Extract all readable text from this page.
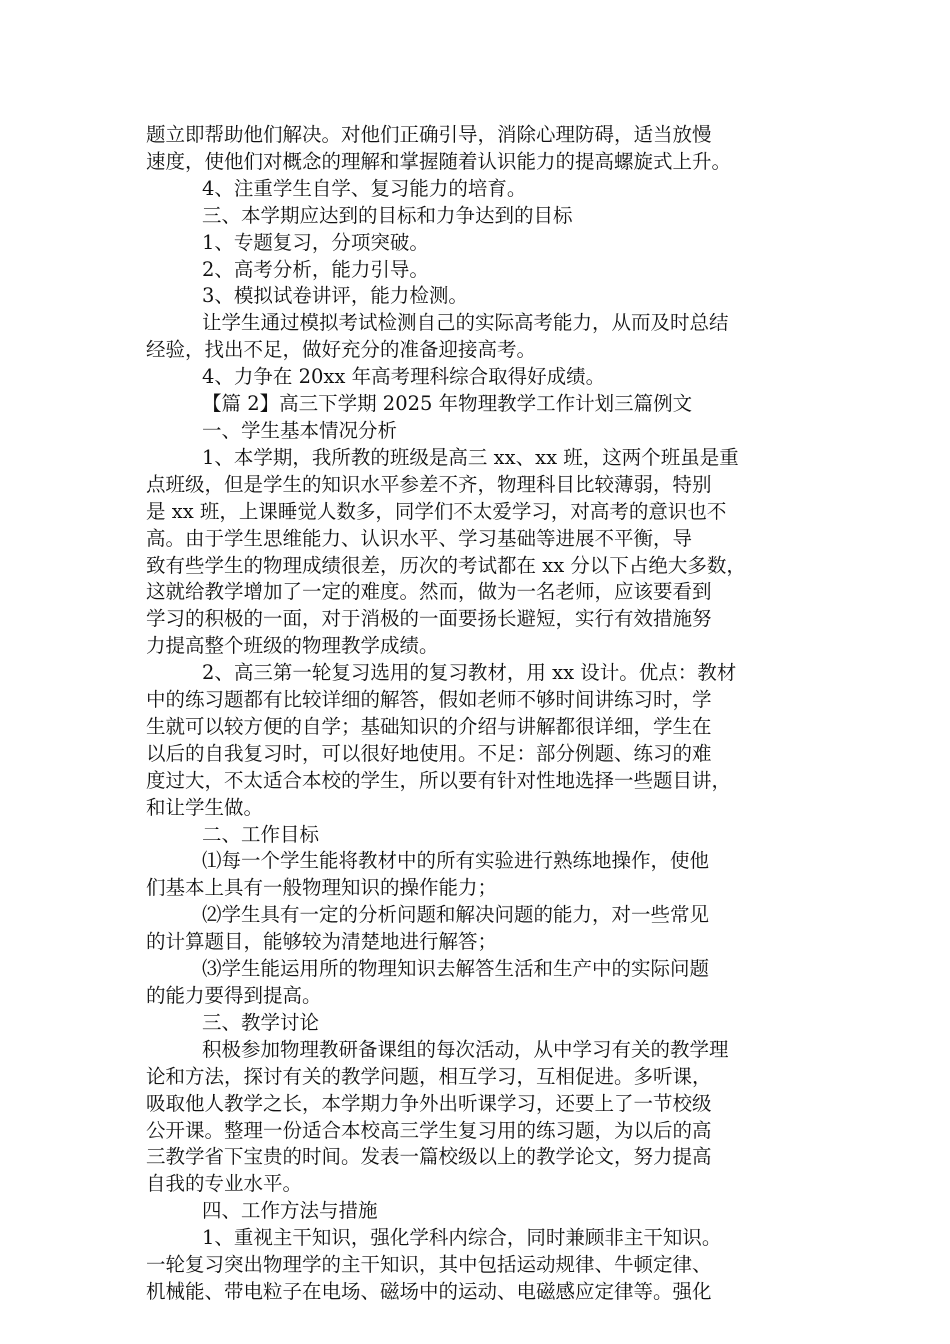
题立即帮助他们解决。对他们正确引导，消除心理防碍，适当放慢

速度，使他们对概念的理解和掌握随着认识能力的提高螺旋式上升。

4、注重学生自学、复习能力的培育。

三、本学期应达到的目标和力争达到的目标

1、专题复习，分项突破。

2、高考分析，能力引导。

3、模拟试卷讲评，能力检测。

让学生通过模拟考试检测自己的实际高考能力，从而及时总结

经验，找出不足，做好充分的准备迎接高考。

4、力争在 20xx 年高考理科综合取得好成绩。

【篇 2】高三下学期 2025 年物理教学工作计划三篇例文

一、学生基本情况分析

1、本学期，我所教的班级是高三 xx、xx 班，这两个班虽是重

点班级，但是学生的知识水平参差不齐，物理科目比较薄弱，特别

是 xx 班，上课睡觉人数多，同学们不太爱学习，对高考的意识也不

高。由于学生思维能力、认识水平、学习基础等进展不平衡，导

致有些学生的物理成绩很差，历次的考试都在 xx 分以下占绝大多数，

这就给教学增加了一定的难度。然而，做为一名老师，应该要看到

学习的积极的一面，对于消极的一面要扬长避短，实行有效措施努

力提高整个班级的物理教学成绩。

2、高三第一轮复习选用的复习教材，用 xx 设计。优点：教材

中的练习题都有比较详细的解答，假如老师不够时间讲练习时，学

生就可以较方便的自学；基础知识的介绍与讲解都很详细，学生在

以后的自我复习时，可以很好地使用。不足：部分例题、练习的难

度过大，不太适合本校的学生，所以要有针对性地选择一些题目讲，

和让学生做。

二、工作目标

⑴每一个学生能将教材中的所有实验进行熟练地操作，使他

们基本上具有一般物理知识的操作能力；

⑵学生具有一定的分析问题和解决问题的能力，对一些常见

的计算题目，能够较为清楚地进行解答；

⑶学生能运用所的物理知识去解答生活和生产中的实际问题

的能力要得到提高。

三、教学讨论

积极参加物理教研备课组的每次活动，从中学习有关的教学理

论和方法，探讨有关的教学问题，相互学习，互相促进。多听课，

吸取他人教学之长，本学期力争外出听课学习，还要上了一节校级

公开课。整理一份适合本校高三学生复习用的练习题，为以后的高

三教学省下宝贵的时间。发表一篇校级以上的教学论文，努力提高

自我的专业水平。

四、工作方法与措施

1、重视主干知识，强化学科内综合，同时兼顾非主干知识。

一轮复习突出物理学的主干知识，其中包括运动规律、牛顿定律、

机械能、带电粒子在电场、磁场中的运动、电磁感应定律等。强化
